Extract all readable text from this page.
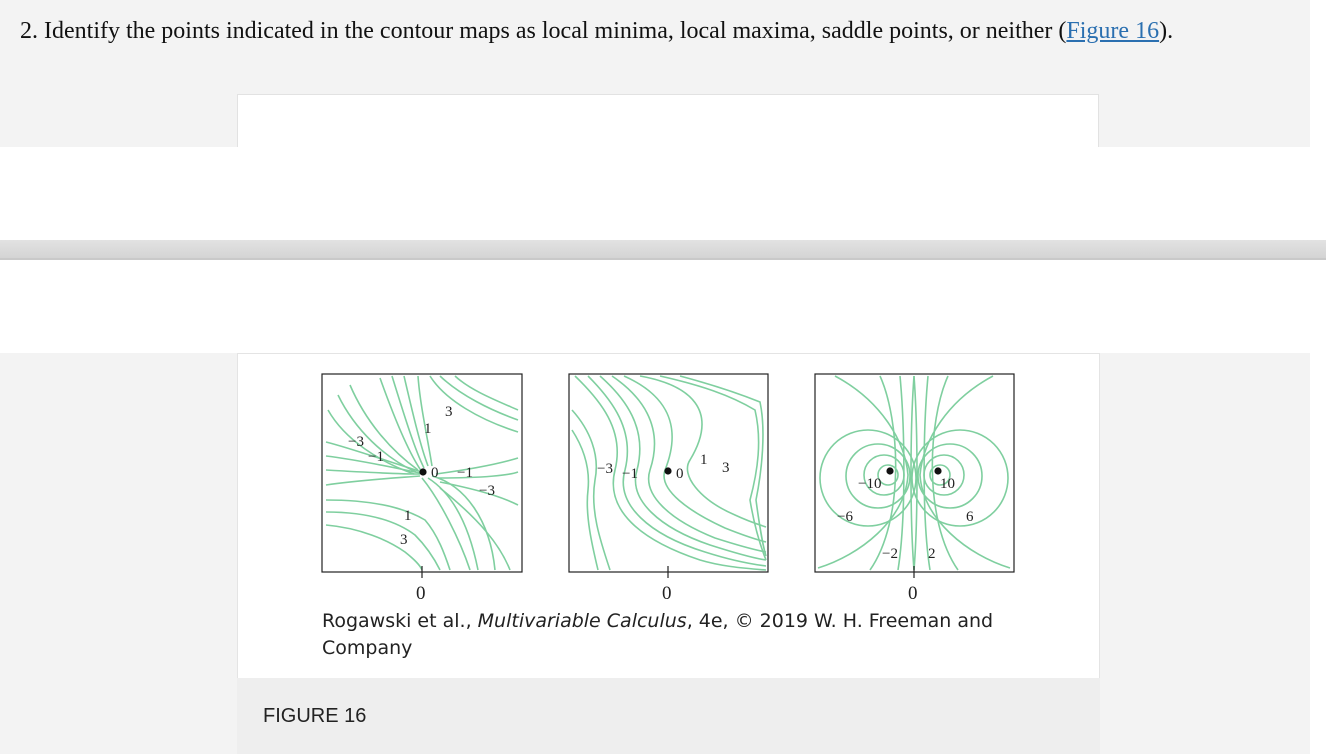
2. Identify the points indicated in the contour maps as local minima, local maxima, saddle points, or neither (Figure 16).

3
1
−3
−1
0 −1
−3
1
3
0
−3 −1	0
1 3
0
−10	10
−6	6
−2 2
0

Rogawski et al., Multivariable Calculus, 4e, © 2019 W. H. Freeman and Company

FIGURE 16
